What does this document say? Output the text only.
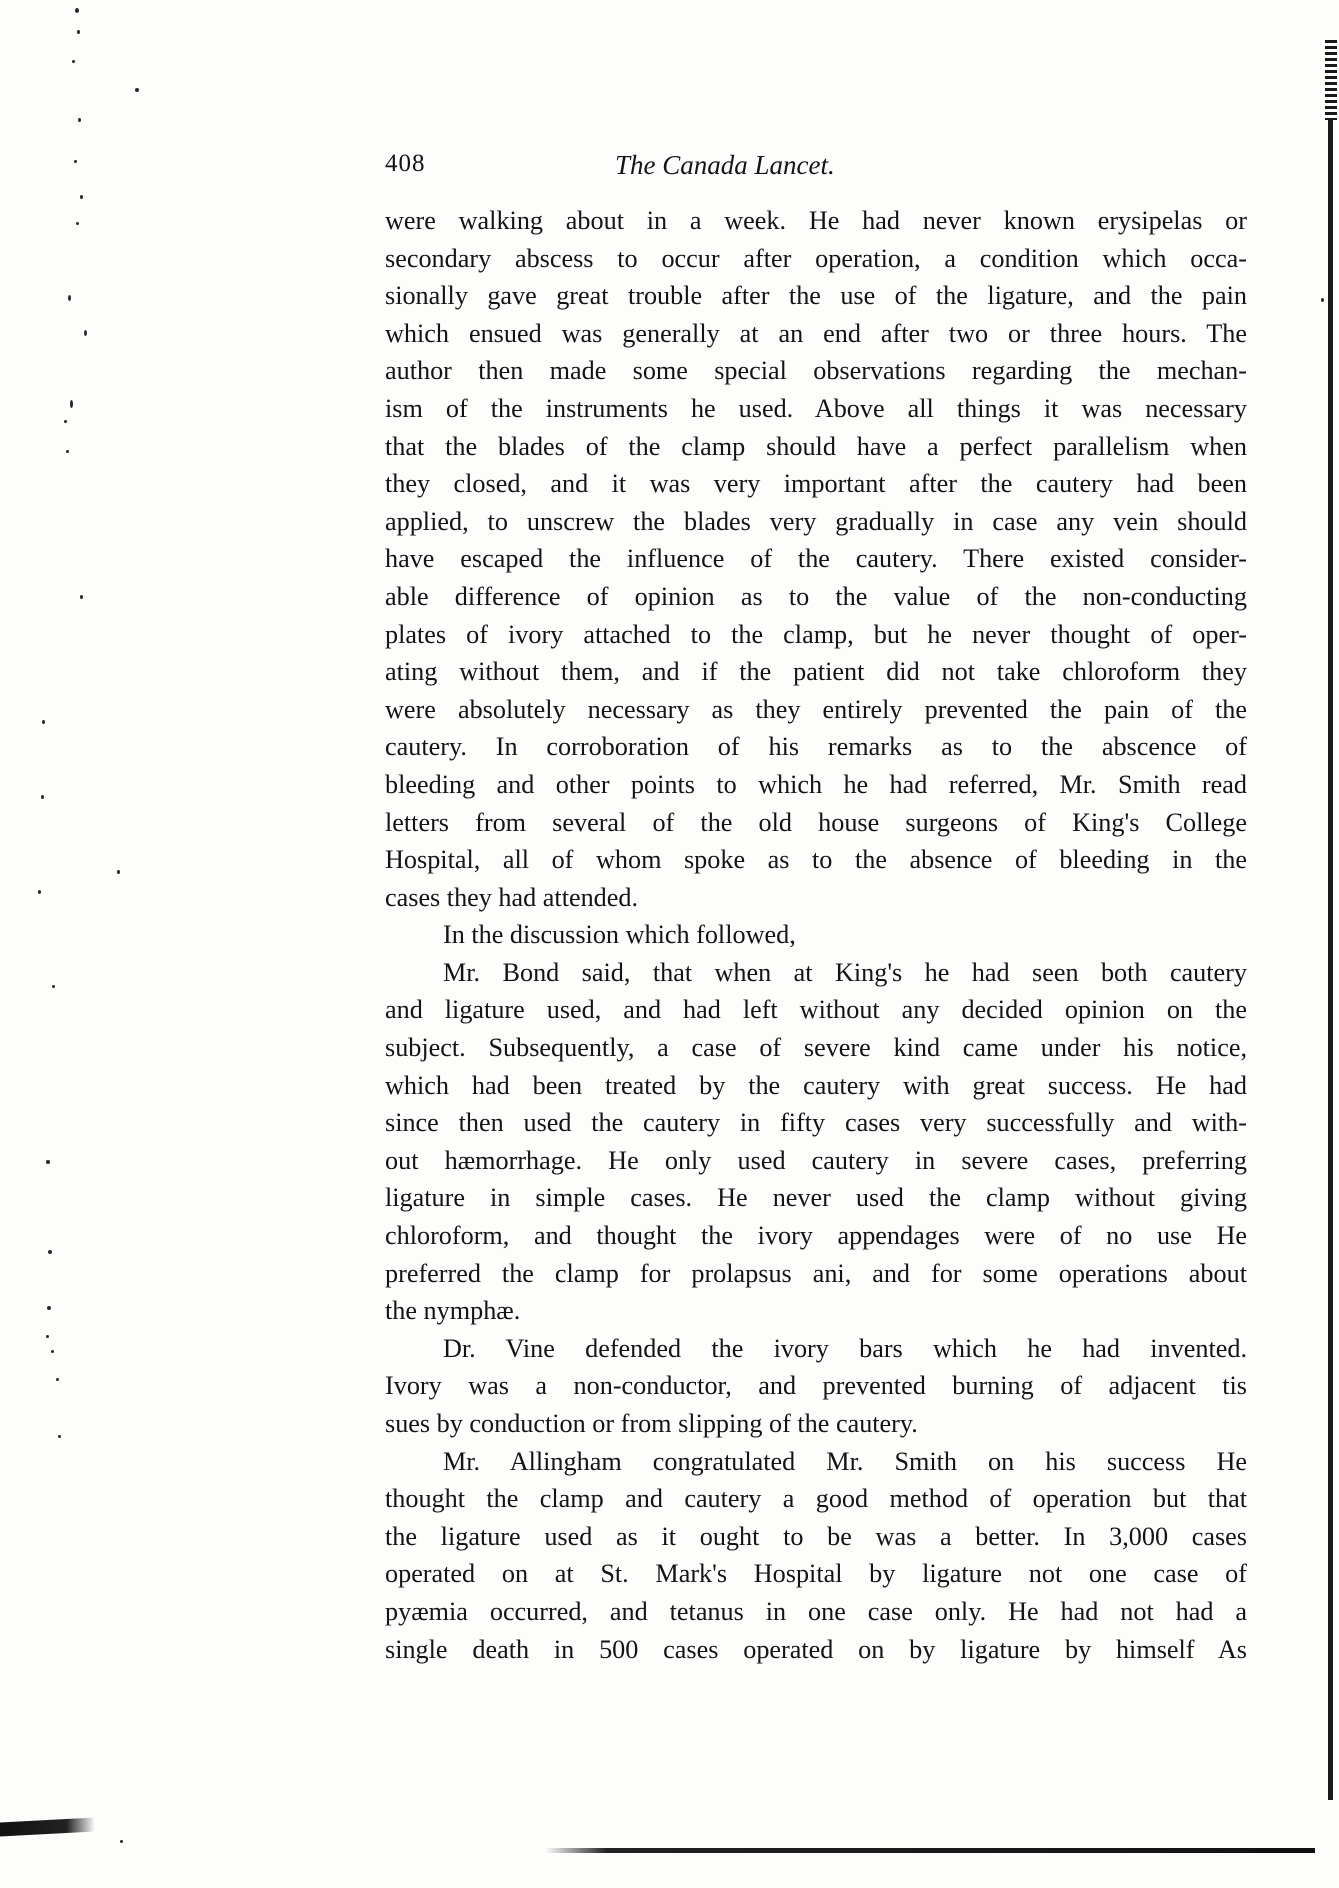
408	The Canada Lancet.
were walking about in a week. He had never known erysipelas or
secondary abscess to occur after operation, a condition which occa-
sionally gave great trouble after the use of the ligature, and the pain
which ensued was generally at an end after two or three hours. The
author then made some special observations regarding the mechan-
ism of the instruments he used. Above all things it was necessary
that the blades of the clamp should have a perfect parallelism when
they closed, and it was very important after the cautery had been
applied, to unscrew the blades very gradually in case any vein should
have escaped the influence of the cautery. There existed consider-
able difference of opinion as to the value of the non-conducting
plates of ivory attached to the clamp, but he never thought of oper-
ating without them, and if the patient did not take chloroform they
were absolutely necessary as they entirely prevented the pain of the
cautery. In corroboration of his remarks as to the abscence of
bleeding and other points to which he had referred, Mr. Smith read
letters from several of the old house surgeons of King's College
Hospital, all of whom spoke as to the absence of bleeding in the
cases they had attended.
In the discussion which followed,
Mr. Bond said, that when at King's he had seen both cautery
and ligature used, and had left without any decided opinion on the
subject. Subsequently, a case of severe kind came under his notice,
which had been treated by the cautery with great success. He had
since then used the cautery in fifty cases very successfully and with-
out hæmorrhage. He only used cautery in severe cases, preferring
ligature in simple cases. He never used the clamp without giving
chloroform, and thought the ivory appendages were of no use He
preferred the clamp for prolapsus ani, and for some operations about
the nymphæ.
Dr. Vine defended the ivory bars which he had invented.
Ivory was a non-conductor, and prevented burning of adjacent tis
sues by conduction or from slipping of the cautery.
Mr. Allingham congratulated Mr. Smith on his success He
thought the clamp and cautery a good method of operation but that
the ligature used as it ought to be was a better. In 3,000 cases
operated on at St. Mark's Hospital by ligature not one case of
pyæmia occurred, and tetanus in one case only. He had not had a
single death in 500 cases operated on by ligature by himself As
